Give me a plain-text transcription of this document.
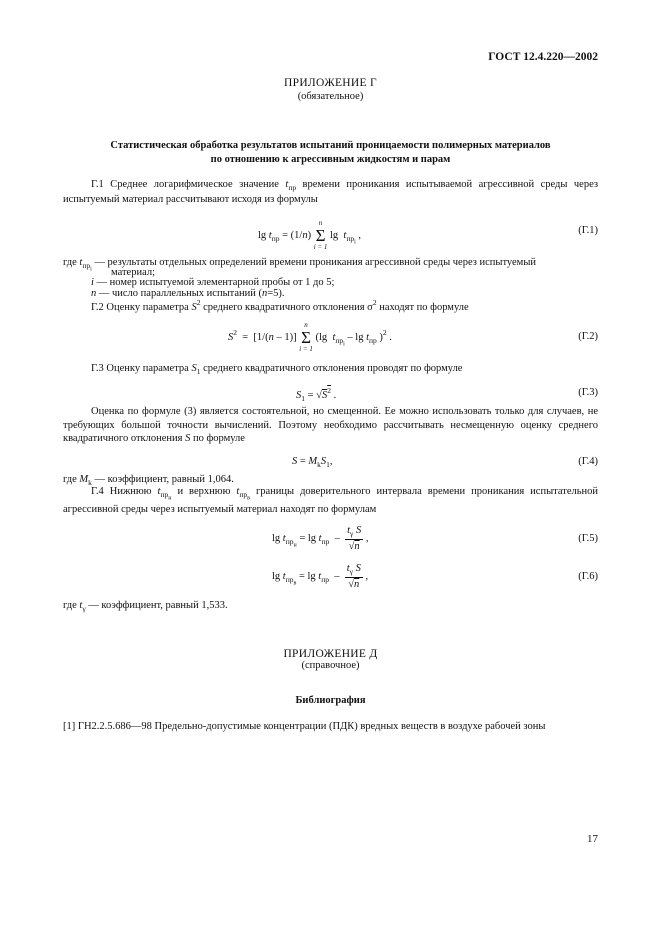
ГОСТ 12.4.220—2002
ПРИЛОЖЕНИЕ Г
(обязательное)
Статистическая обработка результатов испытаний проницаемости полимерных материалов
по отношению к агрессивным жидкостям и парам
Г.1 Среднее логарифмическое значение $t_{пр}$ времени проникания испытываемой агрессивной среды через испытуемый материал рассчитывают исходя из формулы
$\lg t_{пр} = (1/n)$
n
Σ
i = 1
$\lg t_{пр_i}$ ,	(Г.1)
где $t_{пр_i}$ — результаты отдельных определений времени проникания агрессивной среды через испытуемый
материал;
i — номер испытуемой элементарной пробы от 1 до 5;
n — число параллельных испытаний (n=5).
Г.2 Оценку параметра $S^2$ среднего квадратичного отклонения $\sigma^2$ находят по формуле
$S^2 = [1/(n - 1)]$
n
Σ
i = 1
(lg  $t_{пр_i}$ – $\lg t_{пр}$ )$^2$ .	(Г.2)
Г.3 Оценку параметра $S_1$ среднего квадратичного отклонения проводят по формуле
$S_1 = √S^2$ .	(Г.3)
Оценка по формуле (3) является состоятельной, но смещенной. Ее можно использовать только для случаев, не требующих большой точности вычислений. Поэтому необходимо рассчитывать несмещенную оценку среднего квадратичного отклонения S по формуле
$S = M_kS_1$,	(Г.4)
где $M_k$ — коэффициент, равный 1,064.
Г.4 Нижнюю $t_{пр_н}$ и верхнюю $t_{пр_в}$ границы доверительного интервала времени проникания испытательной агрессивной среды через испытуемый материал находят по формулам
$\lg t_{пр_н} = \lg t_{пр} - \frac{t_\gamma S}{√n}$ ,	(Г.5)
$\lg t_{пр_в} = \lg t_{пр} - \frac{t_\gamma S}{√n}$ ,	(Г.6)
где $t_\gamma$ — коэффициент, равный 1,533.
ПРИЛОЖЕНИЕ Д
(справочное)
Библиография
[1] ГН2.2.5.686—98 Предельно-допустимые концентрации (ПДК) вредных веществ в воздухе рабочей зоны
17
